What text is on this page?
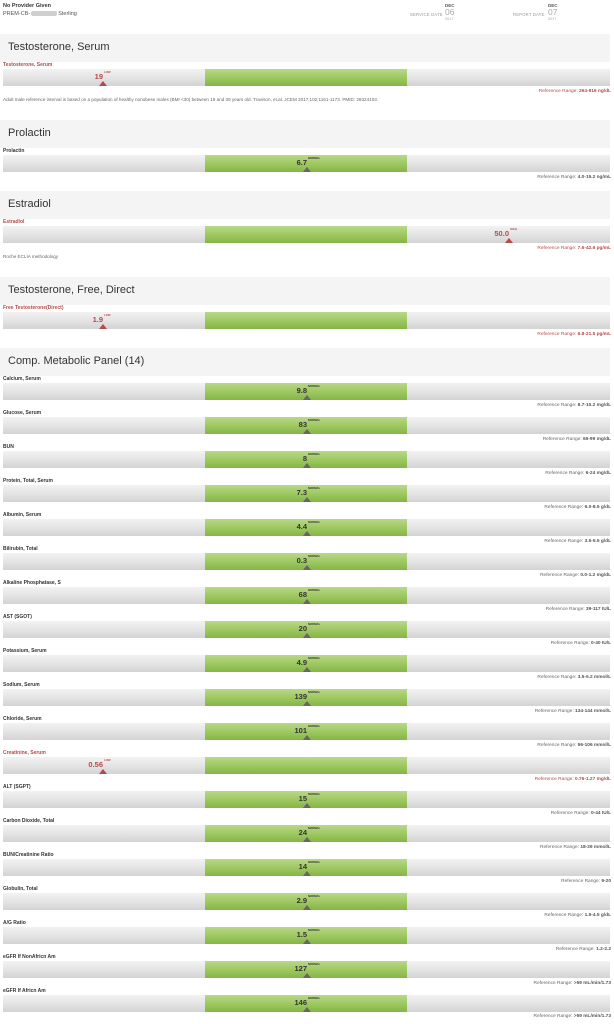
No Provider Given
PREM-CB-	Sterling	SERVICE DATE
DEC
06
2017
REPORT DATE
DEC
07
2017
Testosterone, Serum
Prolactin
Estradiol
Testosterone, Free, Direct
Comp. Metabolic Panel (14)
Testosterone, Serum
19 LOW
Reference Range: 264-916 ng/dL
Adult male reference interval is based on a population of healthy nonobese males (BMI <30) between 19 and 39 years old. Travison, et.al. JCEM 2017,102;1161-1173. PMID: 28324103.
Prolactin
6.7 NORMAL
Reference Range: 4.0-15.2 ng/mL
Estradiol
50.0 HIGH
Reference Range: 7.6-42.6 pg/mL
Roche ECLIA methodology
Free Testosterone(Direct)
1.9 LOW
Reference Range: 6.8-21.5 pg/mL
Calcium, Serum
9.8 NORMAL
Reference Range: 8.7-10.2 mg/dL
Glucose, Serum
83 NORMAL
Reference Range: 65-99 mg/dL
BUN
8 NORMAL
Reference Range: 6-24 mg/dL
Protein, Total, Serum
7.3 NORMAL
Reference Range: 6.0-8.5 g/dL
Albumin, Serum
4.4 NORMAL
Reference Range: 3.5-5.5 g/dL
Bilirubin, Total
0.3 NORMAL
Reference Range: 0.0-1.2 mg/dL
Alkaline Phosphatase, S
68 NORMAL
Reference Range: 39-117 IU/L
AST (SGOT)
20 NORMAL
Reference Range: 0-40 IU/L
Potassium, Serum
4.9 NORMAL
Reference Range: 3.5-5.2 mmol/L
Sodium, Serum
139 NORMAL
Reference Range: 134-144 mmol/L
Chloride, Serum
101 NORMAL
Reference Range: 96-106 mmol/L
Creatinine, Serum
0.56 LOW
Reference Range: 0.76-1.27 mg/dL
ALT (SGPT)
15 NORMAL
Reference Range: 0-44 IU/L
Carbon Dioxide, Total
24 NORMAL
Reference Range: 18-29 mmol/L
BUN/Creatinine Ratio
14 NORMAL
Reference Range: 9-20
Globulin, Total
2.9 NORMAL
Reference Range: 1.5-4.5 g/dL
A/G Ratio
1.5 NORMAL
Reference Range: 1.2-2.2
eGFR If NonAfricn Am
127 NORMAL
Reference Range: >59 mL/min/1.73
eGFR If Africn Am
146 NORMAL
Reference Range: >59 mL/min/1.73
